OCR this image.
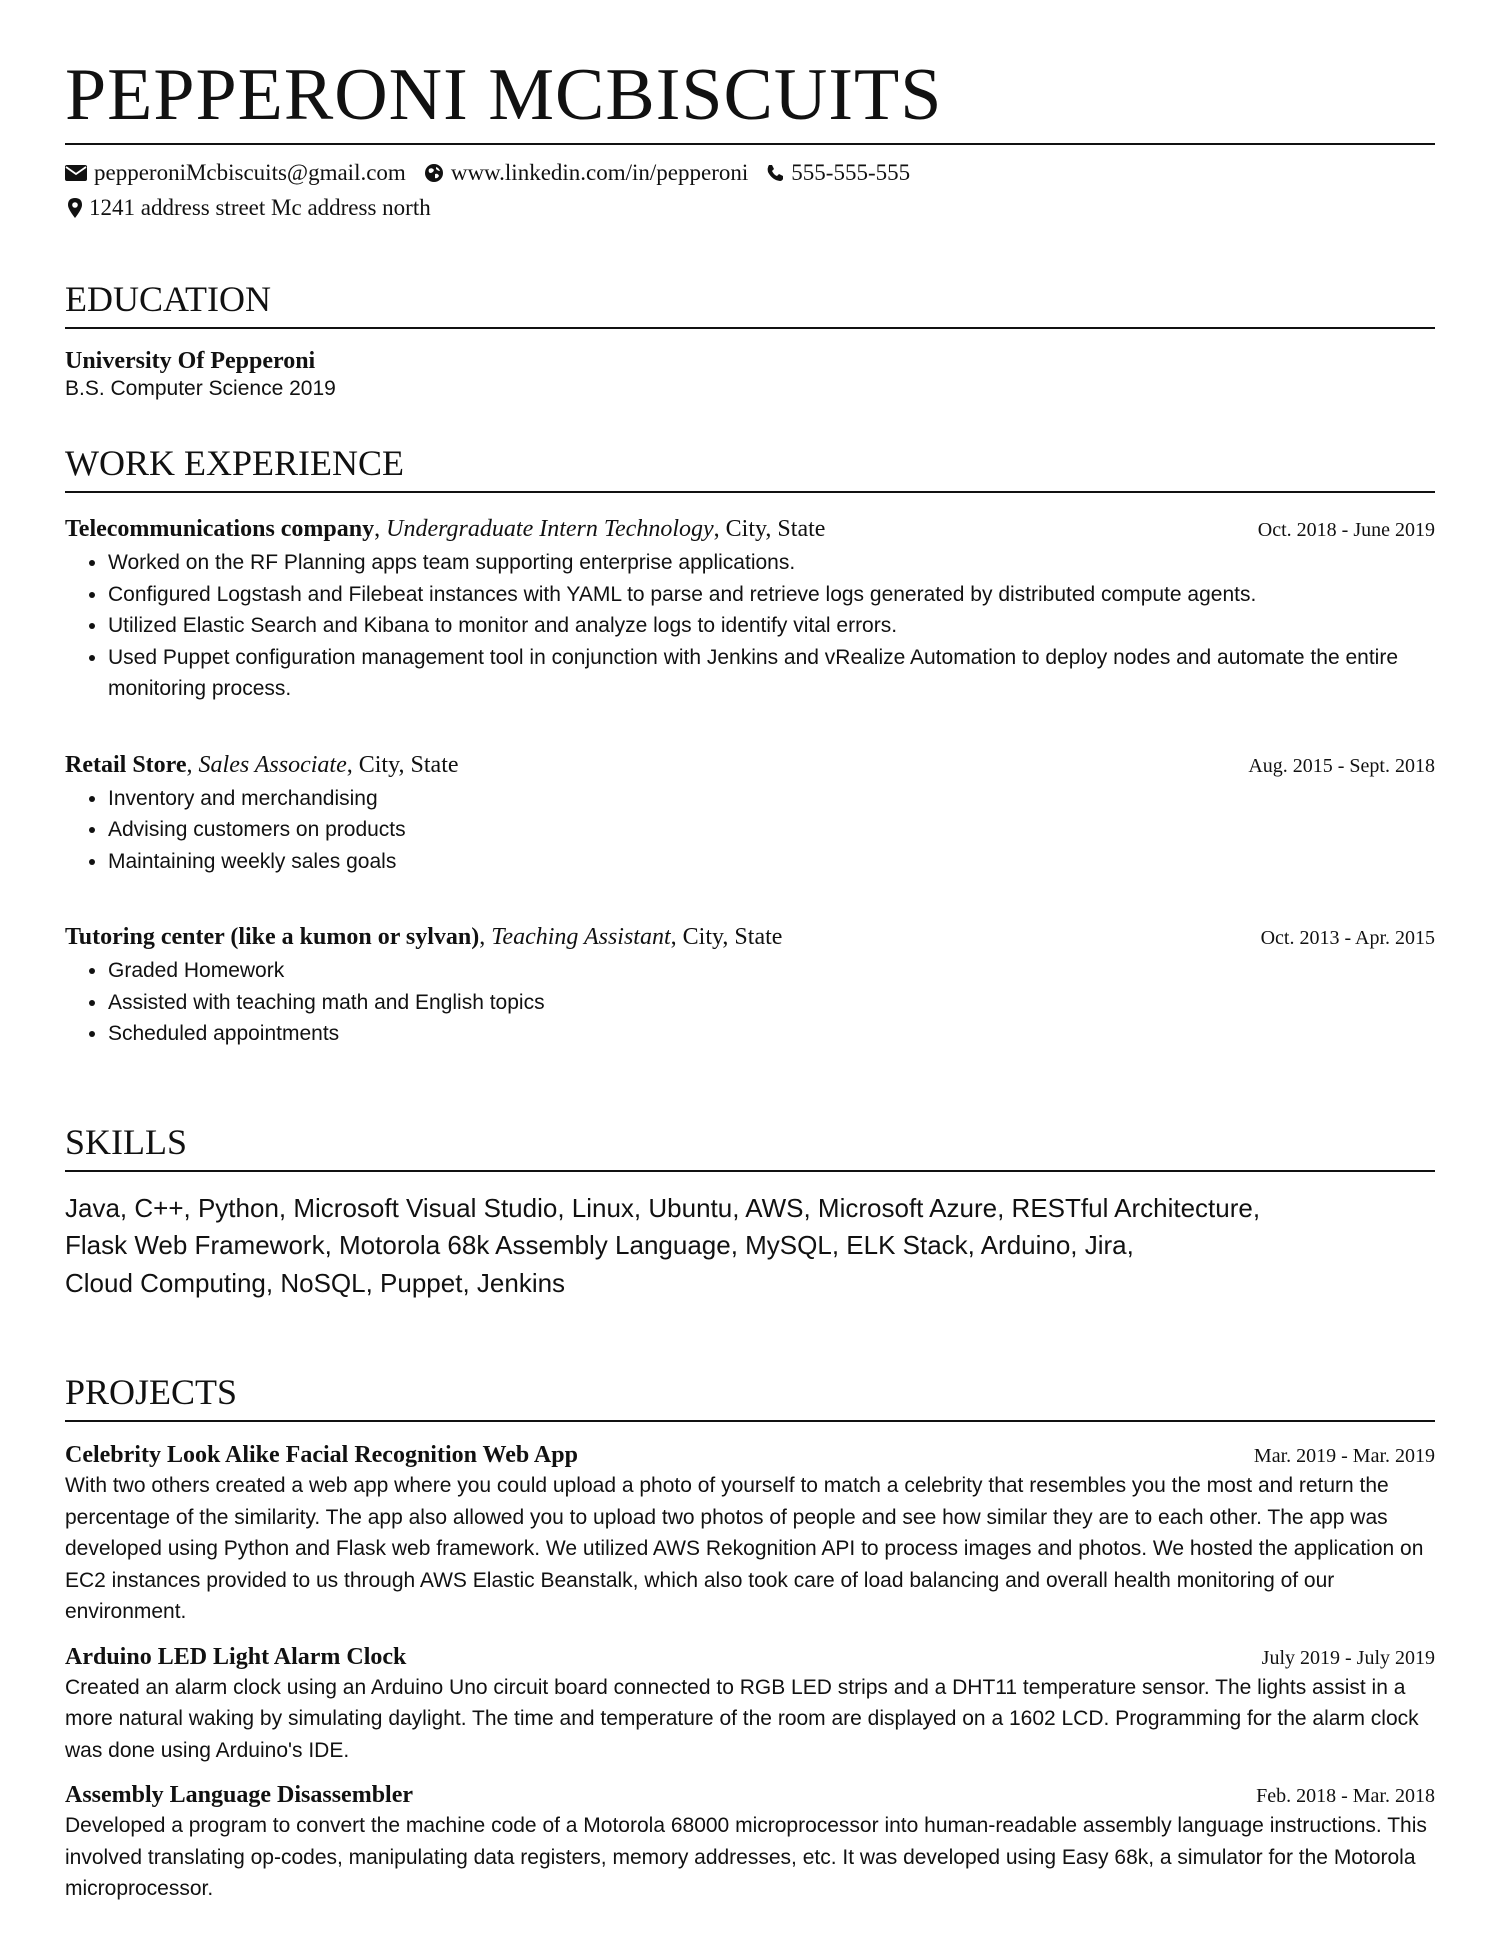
PEPPERONI MCBISCUITS
pepperoniMcbiscuits@gmail.com www.linkedin.com/in/pepperoni 555-555-555
1241 address street Mc address north
EDUCATION
University Of Pepperoni
B.S. Computer Science 2019
WORK EXPERIENCE
Telecommunications company, Undergraduate Intern Technology, City, State	Oct. 2018 - June 2019
• Worked on the RF Planning apps team supporting enterprise applications.
• Configured Logstash and Filebeat instances with YAML to parse and retrieve logs generated by distributed compute agents.
• Utilized Elastic Search and Kibana to monitor and analyze logs to identify vital errors.
• Used Puppet configuration management tool in conjunction with Jenkins and vRealize Automation to deploy nodes and automate the entire monitoring process.
Retail Store, Sales Associate, City, State	Aug. 2015 - Sept. 2018
• Inventory and merchandising
• Advising customers on products
• Maintaining weekly sales goals
Tutoring center (like a kumon or sylvan), Teaching Assistant, City, State	Oct. 2013 - Apr. 2015
• Graded Homework
• Assisted with teaching math and English topics
• Scheduled appointments
SKILLS
Java, C++, Python, Microsoft Visual Studio, Linux, Ubuntu, AWS, Microsoft Azure, RESTful Architecture,
Flask Web Framework, Motorola 68k Assembly Language, MySQL, ELK Stack, Arduino, Jira,
Cloud Computing, NoSQL, Puppet, Jenkins
PROJECTS
Celebrity Look Alike Facial Recognition Web App	Mar. 2019 - Mar. 2019
With two others created a web app where you could upload a photo of yourself to match a celebrity that resembles you the most and return the percentage of the similarity. The app also allowed you to upload two photos of people and see how similar they are to each other. The app was developed using Python and Flask web framework. We utilized AWS Rekognition API to process images and photos. We hosted the application on EC2 instances provided to us through AWS Elastic Beanstalk, which also took care of load balancing and overall health monitoring of our environment.
Arduino LED Light Alarm Clock	July 2019 - July 2019
Created an alarm clock using an Arduino Uno circuit board connected to RGB LED strips and a DHT11 temperature sensor. The lights assist in a more natural waking by simulating daylight. The time and temperature of the room are displayed on a 1602 LCD. Programming for the alarm clock was done using Arduino's IDE.
Assembly Language Disassembler	Feb. 2018 - Mar. 2018
Developed a program to convert the machine code of a Motorola 68000 microprocessor into human-readable assembly language instructions. This involved translating op-codes, manipulating data registers, memory addresses, etc. It was developed using Easy 68k, a simulator for the Motorola microprocessor.
